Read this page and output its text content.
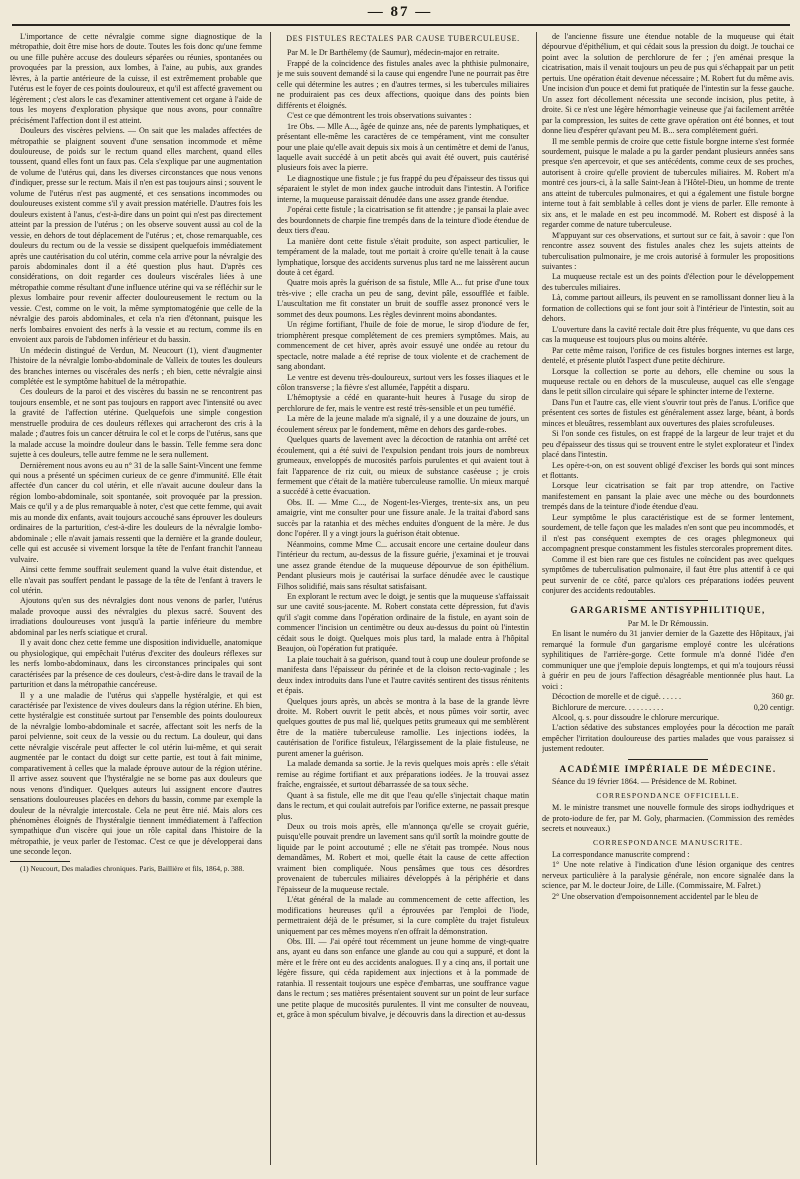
— 87 —

L'importance de cette névralgie comme signe diagnostique de la métropathie, doit être mise hors de doute. Toutes les fois donc qu'une femme ou une fille puhère accuse des douleurs séparées ou réunies, spontanées ou provoquées par la pression, aux lombes, à l'aine, au pubis, aux grandes lèvres, à la partie antérieure de la cuisse, il est extrêmement probable que l'utérus est le foyer de ces points douloureux, et qu'il est affecté gravement ou légèrement ; c'est alors le cas d'examiner attentivement cet organe à l'aide de tous les moyens d'exploration physique que nous avons, pour connaître précisément l'affection dont il est atteint.

Douleurs des viscères pelviens. — On sait que les malades affectées de métropathie se plaignent souvent d'une sensation incommode et même douloureuse, de poids sur le rectum quand elles marchent, quand elles toussent, quand elles font un faux pas. Cela s'explique par une augmentation de volume de l'utérus qui, dans les diverses circonstances que nous venons d'indiquer, presse sur le rectum. Mais il n'en est pas toujours ainsi ; souvent le volume de l'utérus n'est pas augmenté, et ces sensations incommodes ou douloureuses existent comme s'il y avait pression matérielle. D'autres fois les douleurs existent à l'anus, c'est-à-dire dans un point qui n'est pas directement atteint par la pression de l'utérus ; on les observe souvent aussi au col de la vessie, en dehors de tout déplacement de l'utérus ; et, chose remarquable, ces douleurs du rectum ou de la vessie se dissipent quelquefois immédiatement après une cautérisation du col utérin, comme cela arrive pour la névralgie des parois abdominales dont il a été question plus haut. D'après ces considérations, on doit regarder ces douleurs viscérales liées à une métropathie comme résultant d'une influence utérine qui va se réfléchir sur le plexus lombaire pour revenir affecter douloureusement le rectum ou la vessie. C'est, comme on le voit, la même symptomatogénie que celle de la névralgie des parois abdominales, et cela n'a rien d'étonnant, puisque les nerfs lombaires envoient des nerfs à la vessie et au rectum, comme ils en envoient aux parois de l'abdomen inférieur et du bassin.

Un médecin distingué de Verdun, M. Neucourt (1), vient d'augmenter l'histoire de la névralgie lombo-abdominale de Valleix de toutes les douleurs des branches internes ou viscérales des nerfs ; eh bien, cette névralgie ainsi complétée est le symptôme habituel de la métropathie.

Ces douleurs de la paroi et des viscères du bassin ne se rencontrent pas toujours ensemble, et ne sont pas toujours en rapport avec l'intensité ou avec la gravité de l'affection utérine. Quelquefois une simple congestion menstruelle produira de ces douleurs réflexes qui arracheront des cris à la malade ; d'autres fois un cancer détruira le col et le corps de l'utérus, sans que la malade accuse la moindre douleur dans le bassin. Telle femme sera donc sujette à ces douleurs, telle autre femme ne le sera nullement.

Dernièrement nous avons eu au n° 31 de la salle Saint-Vincent une femme qui nous a présenté un spécimen curieux de ce genre d'immunité. Elle était affectée d'un cancer du col utérin, et elle n'avait aucune douleur dans la région lombo-abdominale, soit spontanée, soit provoquée par la pression. Mais ce qu'il y a de plus remarquable à noter, c'est que cette femme, qui avait mis au monde dix enfants, avait toujours accouché sans éprouver les douleurs ordinaires de la parturition, c'est-à-dire les douleurs de la névralgie lombo-abdominale ; elle n'avait jamais ressenti que la dernière et la grande douleur, celle qui est accusée si vivement lorsque la tête de l'enfant franchit l'anneau vulvaire.

Ainsi cette femme souffrait seulement quand la vulve était distendue, et elle n'avait pas souffert pendant le passage de la tête de l'enfant à travers le col utérin.

Ajoutons qu'en sus des névralgies dont nous venons de parler, l'utérus malade provoque aussi des névralgies du plexus sacré. Souvent des irradiations douloureuses vont jusqu'à la partie inférieure du membre abdominal par les nerfs sciatique et crural.

Il y avait donc chez cette femme une disposition individuelle, anatomique ou physiologique, qui empêchait l'utérus d'exciter des douleurs réflexes sur les nerfs lombo-abdominaux, dans les circonstances principales qui sont caractérisées par la présence de ces douleurs, c'est-à-dire dans le travail de la parturition et dans la métropathie cancéreuse.

Il y a une maladie de l'utérus qui s'appelle hystéralgie, et qui est caractérisée par l'existence de vives douleurs dans la région utérine. Eh bien, cette hystéralgie est constituée surtout par l'ensemble des points douloureux de la névralgie lombo-abdominale et sacrée, affectant soit les nerfs de la paroi pelvienne, soit ceux de la vessie ou du rectum. La douleur, qui dans cette névralgie viscérale peut affecter le col utérin lui-même, et qui serait augmentée par le contact du doigt sur cette partie, est tout à fait minime, comparativement à celles que la malade éprouve autour de la région utérine. Il arrive assez souvent que l'hystéralgie ne se borne pas aux douleurs que nous venons d'indiquer. Quelques auteurs lui assignent encore d'autres sensations douloureuses placées en dehors du bassin, comme par exemple la douleur de la névralgie intercostale. Cela ne peut être nié. Mais alors ces phénomènes éloignés de l'hystéralgie tiennent immédiatement à l'affection sympathique d'un viscère qui joue un rôle capital dans l'histoire de la métropathie, je veux parler de l'estomac. C'est ce que je développerai dans une seconde leçon.

(1) Neucourt, Des maladies chroniques. Paris, Baillière et fils, 1864, p. 388.

DES FISTULES RECTALES PAR CAUSE TUBERCULEUSE.

Par M. le Dr Barthélemy (de Saumur), médecin-major en retraite.

Frappé de la coïncidence des fistules anales avec la phthisie pulmonaire, je me suis souvent demandé si la cause qui engendre l'une ne pourrait pas être celle qui détermine les autres ; en d'autres termes, si les tubercules miliaires ne produiraient pas ces deux affections, quoique dans des points bien différents et éloignés.

C'est ce que démontrent les trois observations suivantes :

1re Obs. — Mlle A..., âgée de quinze ans, née de parents lymphatiques, et présentant elle-même les caractères de ce tempérament, vint me consulter pour une plaie qu'elle avait depuis six mois à un centimètre et demi de l'anus, laquelle avait succédé à un petit abcès qui avait été ouvert, puis cautérisé plusieurs fois avec la pierre.

Le diagnostique une fistule ; je fus frappé du peu d'épaisseur des tissus qui séparaient le stylet de mon index gauche introduit dans l'intestin. A l'orifice interne, la muqueuse paraissait dénudée dans une assez grande étendue.

J'opérai cette fistule ; la cicatrisation se fit attendre ; je pansai la plaie avec des bourdonnets de charpie fine trempés dans de la teinture d'iode étendue de deux tiers d'eau.

La manière dont cette fistule s'était produite, son aspect particulier, le tempérament de la malade, tout me portait à croire qu'elle tenait à la cause lymphatique, lorsque des accidents survenus plus tard ne me laissèrent aucun doute à cet égard.

Quatre mois après la guérison de sa fistule, Mlle A... fut prise d'une toux très-vive ; elle cracha un peu de sang, devint pâle, essoufflée et faible. L'auscultation me fit constater un bruit de souffle assez prononcé vers le sommet des deux poumons. Les règles devinrent moins abondantes.

Un régime fortifiant, l'huile de foie de morue, le sirop d'iodure de fer, triomphèrent presque complétement de ces premiers symptômes. Mais, au commencement de cet hiver, après avoir essuyé une ondée au retour du spectacle, notre malade a été reprise de toux violente et de crachement de sang abondant.

Le ventre est devenu très-douloureux, surtout vers les fosses iliaques et le côlon transverse ; la fièvre s'est allumée, l'appétit a disparu.

L'hémoptysie a cédé en quarante-huit heures à l'usage du sirop de perchlorure de fer, mais le ventre est resté très-sensible et un peu tuméfié.

La mère de la jeune malade m'a signalé, il y a une douzaine de jours, un écoulement séreux par le fondement, même en dehors des garde-robes.

Quelques quarts de lavement avec la décoction de ratanhia ont arrêté cet écoulement, qui a été suivi de l'expulsion pendant trois jours de nombreux grumeaux, enveloppés de mucosités parfois purulentes et qui avaient tout à fait l'apparence de riz cuit, ou mieux de substance caséeuse ; je crois fermement que c'était de la matière tuberculeuse ramollie. Un mieux marqué a succédé à cette évacuation.

Obs. II. — Mme C..., de Nogent-les-Vierges, trente-six ans, un peu amaigrie, vint me consulter pour une fissure anale. Je la traitai d'abord sans succès par la ratanhia et des mèches enduites d'onguent de la mère. Je dus donc l'opérer. Il y a vingt jours la guérison était obtenue.

Néanmoins, comme Mme C... accusait encore une certaine douleur dans l'intérieur du rectum, au-dessus de la fissure guérie, j'examinai et je trouvai une assez grande étendue de la muqueuse dépourvue de son épithélium. Pendant plusieurs mois je cautérisai la surface dénudée avec le caustique Filhos solidifié, mais sans résultat satisfaisant.

En explorant le rectum avec le doigt, je sentis que la muqueuse s'affaissait sur une cavité sous-jacente. M. Robert constata cette dépression, fut d'avis qu'il s'agit comme dans l'opération ordinaire de la fistule, en ayant soin de commencer l'incision un centimètre ou deux au-dessus du point où l'intestin cédait sous le doigt. Quelques mois plus tard, la malade entra à l'hôpital Beaujon, où l'opération fut pratiquée.

La plaie touchait à sa guérison, quand tout à coup une douleur profonde se manifesta dans l'épaisseur du périnée et de la cloison recto-vaginale ; les deux index introduits dans l'une et l'autre cavités sentirent des tissus rénitents et épais.

Quelques jours après, un abcès se montra à la base de la grande lèvre droite. M. Robert ouvrit le petit abcès, et nous pûmes voir sortir, avec quelques gouttes de pus mal lié, quelques petits grumeaux qui me semblèrent être de la matière tuberculeuse ramollie. Les injections iodées, la cautérisation de l'orifice fistuleux, l'élargissement de la plaie fistuleuse, ne purent amener la guérison.

La malade demanda sa sortie. Je la revis quelques mois après : elle s'était remise au régime fortifiant et aux préparations iodées. Je la trouvai assez fraîche, engraissée, et surtout débarrassée de sa toux sèche.

Quant à sa fistule, elle me dit que l'eau qu'elle s'injectait chaque matin dans le rectum, et qui coulait autrefois par l'orifice externe, ne passait presque plus.

Deux ou trois mois après, elle m'annonça qu'elle se croyait guérie, puisqu'elle pouvait prendre un lavement sans qu'il sortît la moindre goutte de liquide par le point accoutumé ; elle ne s'était pas trompée. Nous nous demandâmes, M. Robert et moi, quelle était la cause de cette affection vraiment bien compliquée. Nous pensâmes que tous ces désordres provenaient de tubercules miliaires développés à la périphérie et dans l'épaisseur de la muqueuse rectale.

L'état général de la malade au commencement de cette affection, les modifications heureuses qu'il a éprouvées par l'emploi de l'iode, permettraient déjà de le présumer, si la cure complète du trajet fistuleux uniquement par ces mêmes moyens n'en offrait la démonstration.

Obs. III. — J'ai opéré tout récemment un jeune homme de vingt-quatre ans, ayant eu dans son enfance une glande au cou qui a suppuré, et dont la mère et le frère ont eu des accidents analogues. Il y a cinq ans, il portait une légère fissure, qui céda rapidement aux injections et à la pommade de ratanhia. Il ressentait toujours une espèce d'embarras, une souffrance vague dans le rectum ; ses matières présentaient souvent sur un point de leur surface une petite plaque de mucosités purulentes. Il vint me consulter de nouveau, et, grâce à mon spéculum bivalve, je découvris dans la direction et au-dessus

de l'ancienne fissure une étendue notable de la muqueuse qui était dépourvue d'épithélium, et qui cédait sous la pression du doigt. Je touchai ce point avec la solution de perchlorure de fer ; j'en aménai presque la cicatrisation, mais il venait toujours un peu de pus qui s'échappait par un petit pertuis. Une opération était devenue nécessaire ; M. Robert fut du même avis. Une incision d'un pouce et demi fut pratiquée de l'intestin sur la fesse gauche. Un assez fort décollement nécessita une seconde incision, plus petite, à droite. Si ce n'est une légère hémorrhagie veineuse que j'ai facilement arrêtée par la compression, les suites de cette grave opération ont été bonnes, et tout donne lieu d'espérer qu'avant peu M. B... sera complétement guéri.

Il me semble permis de croire que cette fistule borgne interne s'est formée sourdement, puisque le malade a pu la garder pendant plusieurs années sans presque s'en apercevoir, et que ses antécédents, comme ceux de ses proches, autorisent à croire qu'elle provient de tubercules miliaires. M. Robert m'a montré ces jours-ci, à la salle Saint-Jean à l'Hôtel-Dieu, un homme de trente ans atteint de tubercules pulmonaires, et qui a également une fistule borgne interne tout à fait semblable à celles dont je viens de parler. Elle remonte à six ans, et le malade en est peu incommodé. M. Robert est disposé à la regarder comme de nature tuberculeuse.

M'appuyant sur ces observations, et surtout sur ce fait, à savoir : que l'on rencontre assez souvent des fistules anales chez les sujets atteints de tuberculisation pulmonaire, je me crois autorisé à formuler les propositions suivantes :

La muqueuse rectale est un des points d'élection pour le développement des tubercules miliaires.

Là, comme partout ailleurs, ils peuvent en se ramollissant donner lieu à la formation de collections qui se font jour soit à l'intérieur de l'intestin, soit au dehors.

L'ouverture dans la cavité rectale doit être plus fréquente, vu que dans ces cas la muqueuse est toujours plus ou moins altérée.

Par cette même raison, l'orifice de ces fistules borgnes internes est large, dentelé, et présente plutôt l'aspect d'une petite déchirure.

Lorsque la collection se porte au dehors, elle chemine ou sous la muqueuse rectale ou en dehors de la musculeuse, auquel cas elle s'engage dans le petit sillon circulaire qui sépare le sphincter interne de l'externe.

Dans l'un et l'autre cas, elle vient s'ouvrir tout près de l'anus. L'orifice que présentent ces sortes de fistules est généralement assez large, béant, à bords minces et bleuâtres, ressemblant aux ouvertures des plaies scrofuleuses.

Si l'on sonde ces fistules, on est frappé de la largeur de leur trajet et du peu d'épaisseur des tissus qui se trouvent entre le stylet explorateur et l'index placé dans l'intestin.

Les opère-t-on, on est souvent obligé d'exciser les bords qui sont minces et flottants.

Lorsque leur cicatrisation se fait par trop attendre, on l'active manifestement en pansant la plaie avec une mèche ou des bourdonnets trempés dans de la teinture d'iode étendue d'eau.

Leur symptôme le plus caractéristique est de se former lentement, sourdement, de telle façon que les malades n'en sont que peu incommodés, et il n'est pas conséquent exemptes de ces orages phlegmoneux qui accompagnent presque constamment les fistules stercorales proprement dites.

Comme il est bien rare que ces fistules ne coïncident pas avec quelques symptômes de tuberculisation pulmonaire, il faut être plus attentif à ce qui peut survenir de ce côté, parce qu'alors ces préparations iodées peuvent conjurer des accidents redoutables.

GARGARISME ANTISYPHILITIQUE,

Par M. le Dr Rémoussin.

En lisant le numéro du 31 janvier dernier de la Gazette des Hôpitaux, j'ai remarqué la formule d'un gargarisme employé contre les ulcérations syphilitiques de l'arrière-gorge. Cette formule m'a donné l'idée d'en communiquer une que j'emploie depuis longtemps, et qui m'a toujours réussi à guérir en peu de jours l'affection désagréable mentionnée plus haut. La voici :

Décoction de morelle et de ciguë. . . . . .	360 gr.
Bichlorure de mercure. . . . . . . . . .	0,20 centigr.

Alcool, q. s. pour dissoudre le chlorure mercurique.

L'action sédative des substances employées pour la décoction me paraît empêcher l'irritation douloureuse des parties malades que vous paraissez si justement redouter.

ACADÉMIE IMPÉRIALE DE MÉDECINE.

Séance du 19 février 1864. — Présidence de M. Robinet.

CORRESPONDANCE OFFICIELLE.

M. le ministre transmet une nouvelle formule des sirops iodhydriques et de proto-iodure de fer, par M. Goly, pharmacien. (Commission des remèdes secrets et nouveaux.)

CORRESPONDANCE MANUSCRITE.

La correspondance manuscrite comprend :

1° Une note relative à l'indication d'une lésion organique des centres nerveux particulière à la paralysie générale, non encore signalée dans la science, par M. le docteur Joire, de Lille. (Commissaire, M. Falret.)

2° Une observation d'empoisonnement accidentel par le bleu de
